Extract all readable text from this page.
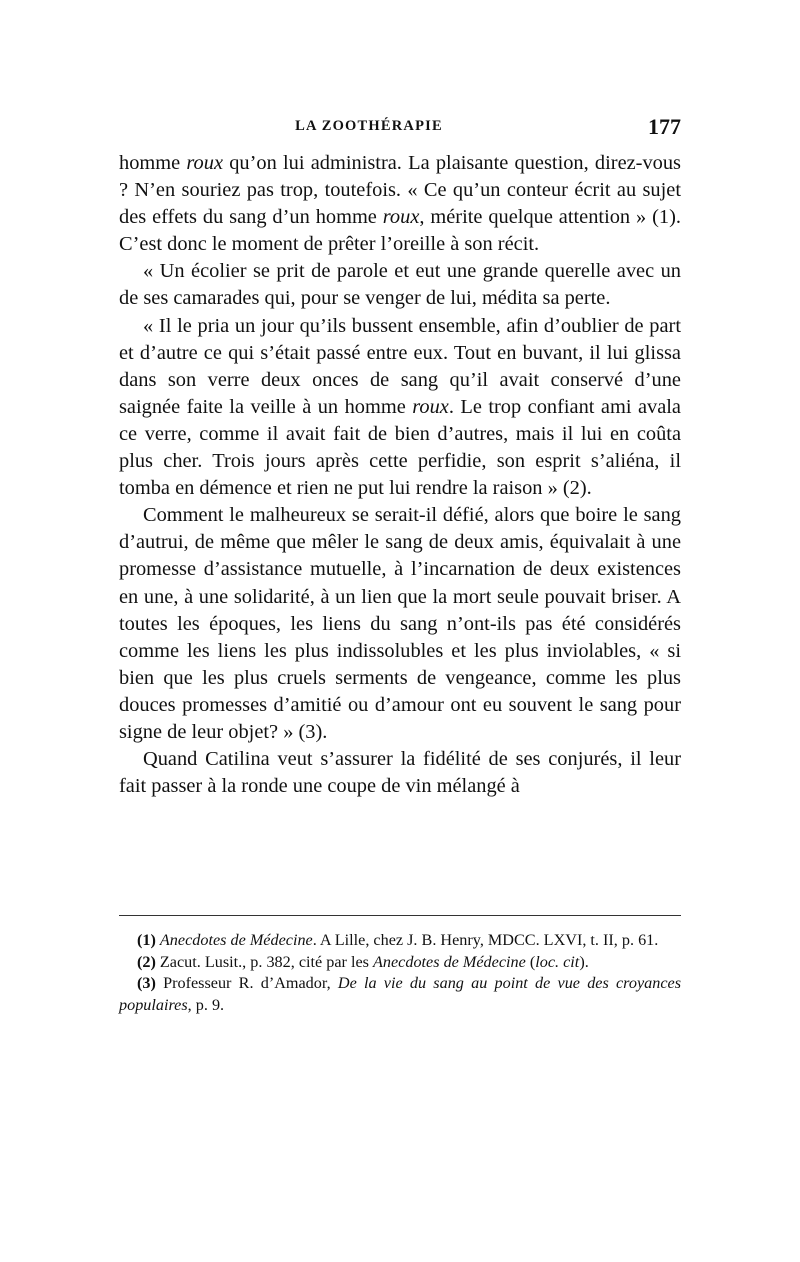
LA ZOOTHÉRAPIE	177

homme roux qu’on lui administra. La plaisante question, direz-vous ? N’en souriez pas trop, toutefois. « Ce qu’un conteur écrit au sujet des effets du sang d’un homme roux, mérite quelque attention » (1). C’est donc le moment de prêter l’oreille à son récit.

« Un écolier se prit de parole et eut une grande querelle avec un de ses camarades qui, pour se venger de lui, médita sa perte.

« Il le pria un jour qu’ils bussent ensemble, afin d’oublier de part et d’autre ce qui s’était passé entre eux. Tout en buvant, il lui glissa dans son verre deux onces de sang qu’il avait conservé d’une saignée faite la veille à un homme roux. Le trop confiant ami avala ce verre, comme il avait fait de bien d’autres, mais il lui en coûta plus cher. Trois jours après cette perfidie, son esprit s’aliéna, il tomba en démence et rien ne put lui rendre la raison » (2).

Comment le malheureux se serait-il défié, alors que boire le sang d’autrui, de même que mêler le sang de deux amis, équivalait à une promesse d’assistance mutuelle, à l’incarnation de deux existences en une, à une solidarité, à un lien que la mort seule pouvait briser. A toutes les époques, les liens du sang n’ont-ils pas été considérés comme les liens les plus indissolubles et les plus inviolables, « si bien que les plus cruels serments de vengeance, comme les plus douces promesses d’amitié ou d’amour ont eu souvent le sang pour signe de leur objet? » (3).

Quand Catilina veut s’assurer la fidélité de ses conjurés, il leur fait passer à la ronde une coupe de vin mélangé à

(1) Anecdotes de Médecine. A Lille, chez J. B. Henry, MDCC. LXVI, t. II, p. 61.

(2) Zacut. Lusit., p. 382, cité par les Anecdotes de Médecine (loc. cit).

(3) Professeur R. d’Amador, De la vie du sang au point de vue des croyances populaires, p. 9.
